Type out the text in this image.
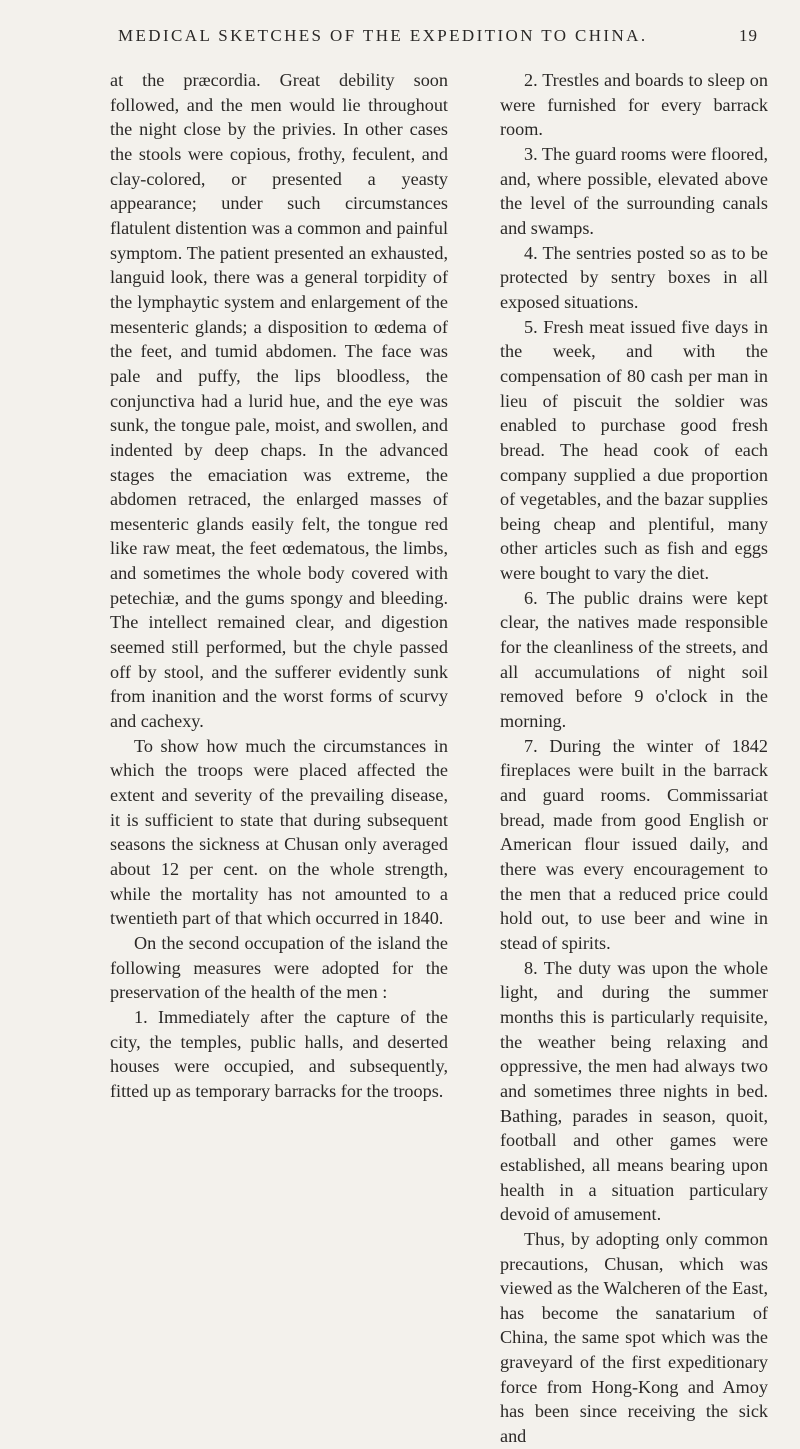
MEDICAL SKETCHES OF THE EXPEDITION TO CHINA.	19

at the præcordia. Great debility soon followed, and the men would lie throughout the night close by the privies. In other cases the stools were copious, frothy, feculent, and clay-colored, or presented a yeasty appearance; under such circumstances flatulent distention was a common and painful symptom. The patient presented an exhausted, languid look, there was a general torpidity of the lymphaytic system and enlargement of the mesenteric glands; a disposition to œdema of the feet, and tumid abdomen. The face was pale and puffy, the lips bloodless, the conjunctiva had a lurid hue, and the eye was sunk, the tongue pale, moist, and swollen, and indented by deep chaps. In the advanced stages the emaciation was extreme, the abdomen retraced, the enlarged masses of mesenteric glands easily felt, the tongue red like raw meat, the feet œdematous, the limbs, and sometimes the whole body covered with petechiæ, and the gums spongy and bleeding. The intellect remained clear, and digestion seemed still performed, but the chyle passed off by stool, and the sufferer evidently sunk from inanition and the worst forms of scurvy and cachexy.

To show how much the circumstances in which the troops were placed affected the extent and severity of the prevailing disease, it is sufficient to state that during subsequent seasons the sickness at Chusan only averaged about 12 per cent. on the whole strength, while the mortality has not amounted to a twentieth part of that which occurred in 1840.

On the second occupation of the island the following measures were adopted for the preservation of the health of the men :

1. Immediately after the capture of the city, the temples, public halls, and deserted houses were occupied, and subsequently, fitted up as temporary barracks for the troops.

2. Trestles and boards to sleep on were furnished for every barrack room.

3. The guard rooms were floored, and, where possible, elevated above the level of the surrounding canals and swamps.

4. The sentries posted so as to be protected by sentry boxes in all exposed situations.

5. Fresh meat issued five days in the week, and with the compensation of 80 cash per man in lieu of piscuit the soldier was enabled to purchase good fresh bread. The head cook of each company supplied a due proportion of vegetables, and the bazar supplies being cheap and plentiful, many other articles such as fish and eggs were bought to vary the diet.

6. The public drains were kept clear, the natives made responsible for the cleanliness of the streets, and all accumulations of night soil removed before 9 o'clock in the morning.

7. During the winter of 1842 fireplaces were built in the barrack and guard rooms. Commissariat bread, made from good English or American flour issued daily, and there was every encouragement to the men that a reduced price could hold out, to use beer and wine in stead of spirits.

8. The duty was upon the whole light, and during the summer months this is particularly requisite, the weather being relaxing and oppressive, the men had always two and sometimes three nights in bed. Bathing, parades in season, quoit, football and other games were established, all means bearing upon health in a situation particulary devoid of amusement.

Thus, by adopting only common precautions, Chusan, which was viewed as the Walcheren of the East, has become the sanatarium of China, the same spot which was the graveyard of the first expeditionary force from Hong-Kong and Amoy has been since receiving the sick and
